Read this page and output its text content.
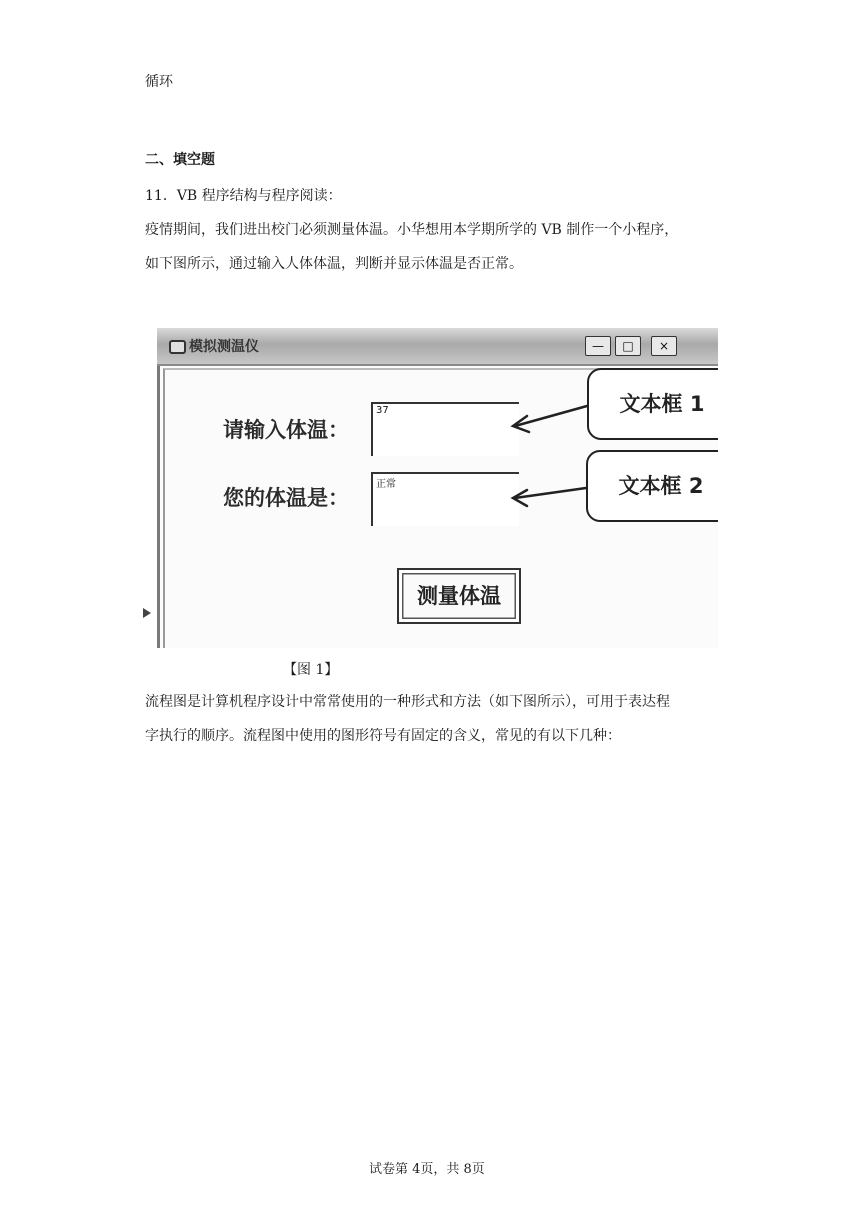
循环
二、填空题
11．VB 程序结构与程序阅读：
疫情期间，我们进出校门必须测量体温。小华想用本学期所学的 VB 制作一个小程序，
如下图所示，通过输入人体体温，判断并显示体温是否正常。
模拟测温仪	—	□	×
请输入体温：
37
您的体温是：
正常
文本框 1
文本框 2
测量体温
【图 1】
流程图是计算机程序设计中常常使用的一种形式和方法（如下图所示），可用于表达程
字执行的顺序。流程图中使用的图形符号有固定的含义，常见的有以下几种：
试卷第 4页，共 8页
